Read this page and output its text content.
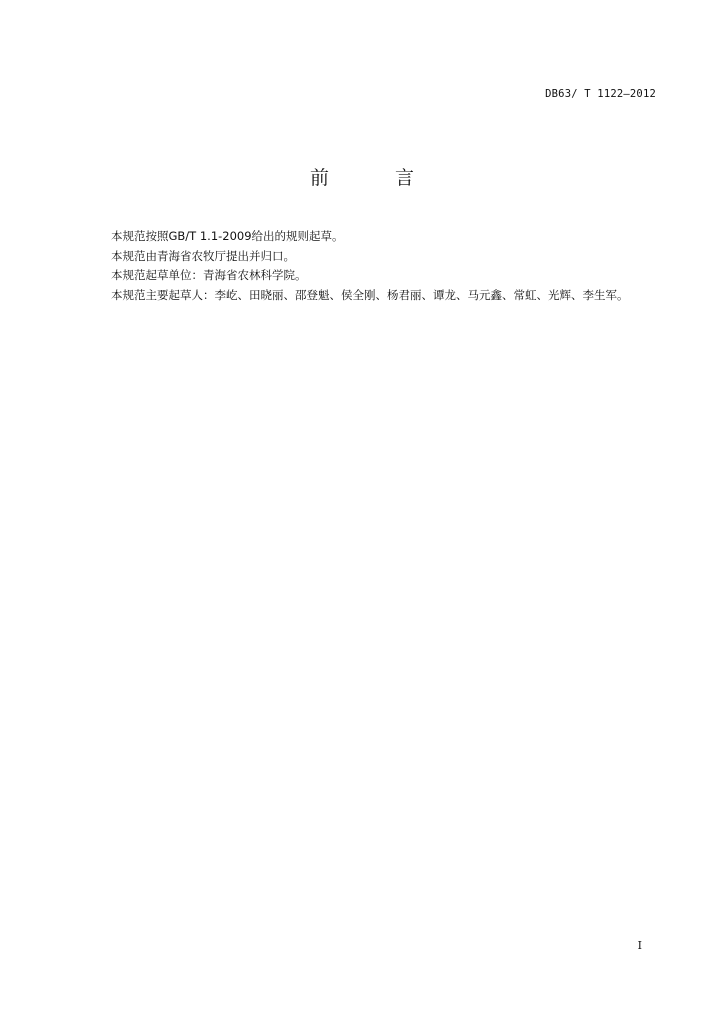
DB63/ T 1122—2012
前 言

本规范按照GB/T 1.1-2009给出的规则起草。

本规范由青海省农牧厅提出并归口。

本规范起草单位：青海省农林科学院。

本规范主要起草人：李屹、田晓丽、邵登魁、侯全刚、杨君丽、谭龙、马元鑫、常虹、光辉、李生军。

I
